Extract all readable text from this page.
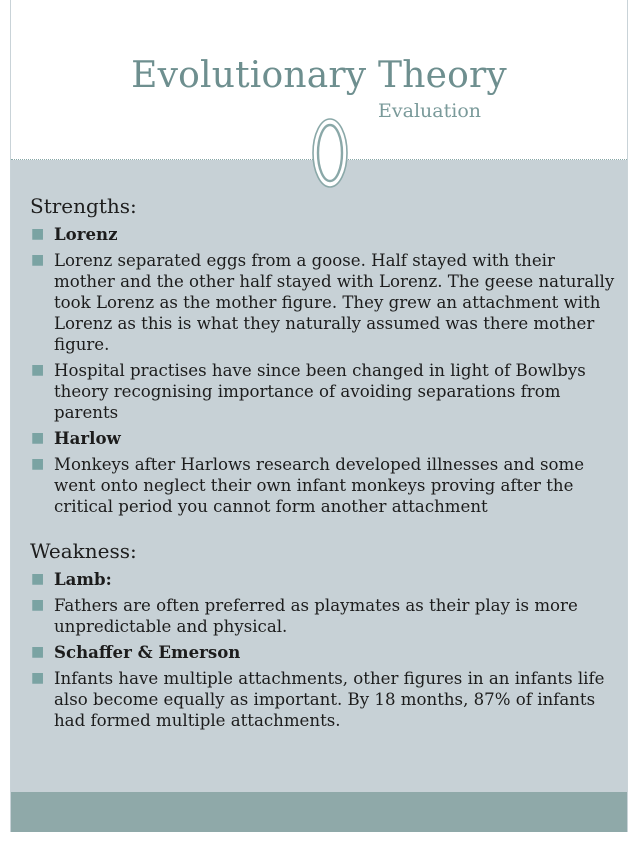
Evolutionary Theory

Evaluation

Strengths:

■ Lorenz
■ Lorenz separated eggs from a goose. Half stayed with their mother and the other half stayed with Lorenz. The geese naturally took Lorenz as the mother figure. They grew an attachment with Lorenz as this is what they naturally assumed was there mother figure.
■ Hospital practises have since been changed in light of Bowlbys theory recognising importance of avoiding separations from parents
■ Harlow
■ Monkeys after Harlows research developed illnesses and some went onto neglect their own infant monkeys proving after the critical period you cannot form another attachment

Weakness:

■ Lamb:
■ Fathers are often preferred as playmates as their play is more unpredictable and physical.
■ Schaffer & Emerson
■ Infants have multiple attachments, other figures in an infants life also become equally as important. By 18 months, 87% of infants had formed multiple attachments.
